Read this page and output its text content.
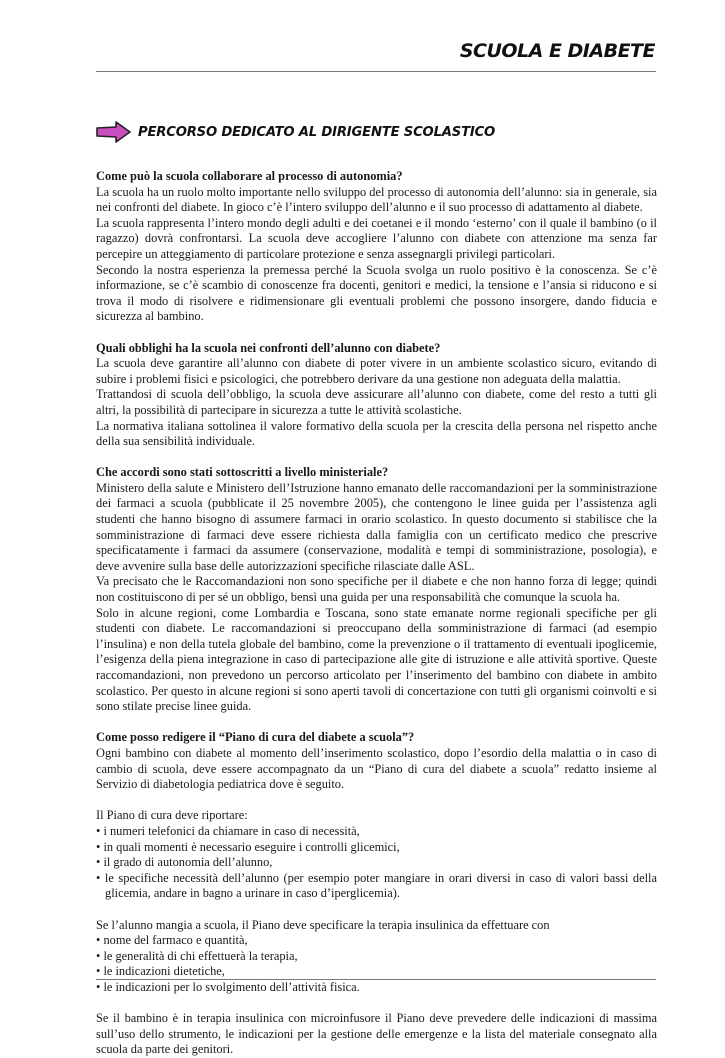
SCUOLA E DIABETE
PERCORSO DEDICATO AL DIRIGENTE SCOLASTICO
Come può la scuola collaborare al processo di autonomia?

La scuola ha un ruolo molto importante nello sviluppo del processo di autonomia dell’alunno: sia in generale, sia nei confronti del diabete. In gioco c’è l’intero sviluppo dell’alunno e il suo processo di adattamento al diabete.

La scuola rappresenta l’intero mondo degli adulti e dei coetanei e il mondo ‘esterno’ con il quale il bambino (o il ragazzo) dovrà confrontarsi. La scuola deve accogliere l’alunno con diabete con attenzione ma senza far percepire un atteggiamento di particolare protezione e senza assegnargli privilegi particolari.

Secondo la nostra esperienza la premessa perché la Scuola svolga un ruolo positivo è la conoscenza. Se c’è informazione, se c’è scambio di conoscenze fra docenti, genitori e medici, la tensione e l’ansia si riducono e si trova il modo di risolvere e ridimensionare gli eventuali problemi che possono insorgere, dando fiducia e sicurezza al bambino.

Quali obblighi ha la scuola nei confronti dell’alunno con diabete?

La scuola deve garantire all’alunno con diabete di poter vivere in un ambiente scolastico sicuro, evitando di subire i problemi fisici e psicologici, che potrebbero derivare da una gestione non adeguata della malattia.

Trattandosi di scuola dell’obbligo, la scuola deve assicurare all’alunno con diabete, come del resto a tutti gli altri, la possibilità di partecipare in sicurezza a tutte le attività scolastiche.

La normativa italiana sottolinea il valore formativo della scuola per la crescita della persona nel rispetto anche della sua sensibilità individuale.

Che accordi sono stati sottoscritti a livello ministeriale?

Ministero della salute e Ministero dell’Istruzione hanno emanato delle raccomandazioni per la somministrazione dei farmaci a scuola (pubblicate il 25 novembre 2005), che contengono le linee guida per l’assistenza agli studenti che hanno bisogno di assumere farmaci in orario scolastico. In questo documento si stabilisce che la somministrazione di farmaci deve essere richiesta dalla famiglia con un certificato medico che prescrive specificatamente i farmaci da assumere (conservazione, modalità e tempi di somministrazione, posologia), e deve avvenire sulla base delle autorizzazioni specifiche rilasciate dalle ASL.

Va precisato che le Raccomandazioni non sono specifiche per il diabete e che non hanno forza di legge; quindi non costituiscono di per sé un obbligo, bensì una guida per una responsabilità che comunque la scuola ha.

Solo in alcune regioni, come Lombardia e Toscana, sono state emanate norme regionali specifiche per gli studenti con diabete. Le raccomandazioni si preoccupano della somministrazione di farmaci (ad esempio l’insulina) e non della tutela globale del bambino, come la prevenzione o il trattamento di eventuali ipoglicemie, l’esigenza della piena integrazione in caso di partecipazione alle gite di istruzione e alle attività sportive. Queste raccomandazioni, non prevedono un percorso articolato per l’inserimento del bambino con diabete in ambito scolastico. Per questo in alcune regioni si sono aperti tavoli di concertazione con tutti gli organismi coinvolti e si sono stilate precise linee guida.

Come posso redigere il “Piano di cura del diabete a scuola”?

Ogni bambino con diabete al momento dell’inserimento scolastico, dopo l’esordio della malattia o in caso di cambio di scuola, deve essere accompagnato da un “Piano di cura del diabete a scuola” redatto insieme al Servizio di diabetologia pediatrica dove è seguito.

Il Piano di cura deve riportare:

• i numeri telefonici da chiamare in caso di necessità,
• in quali momenti è necessario eseguire i controlli glicemici,
• il grado di autonomia dell’alunno,
• le specifiche necessità dell’alunno (per esempio poter mangiare in orari diversi in caso di valori bassi della glicemia, andare in bagno a urinare in caso d’iperglicemia).

Se l’alunno mangia a scuola, il Piano deve specificare la terapia insulinica da effettuare con

• nome del farmaco e quantità,
• le generalità di chi effettuerà la terapia,
• le indicazioni dietetiche,
• le indicazioni per lo svolgimento dell’attività fisica.

Se il bambino è in terapia insulinica con microinfusore il Piano deve prevedere delle indicazioni di massima sull’uso dello strumento, le indicazioni per la gestione delle emergenze e la lista del materiale consegnato alla scuola da parte dei genitori.
